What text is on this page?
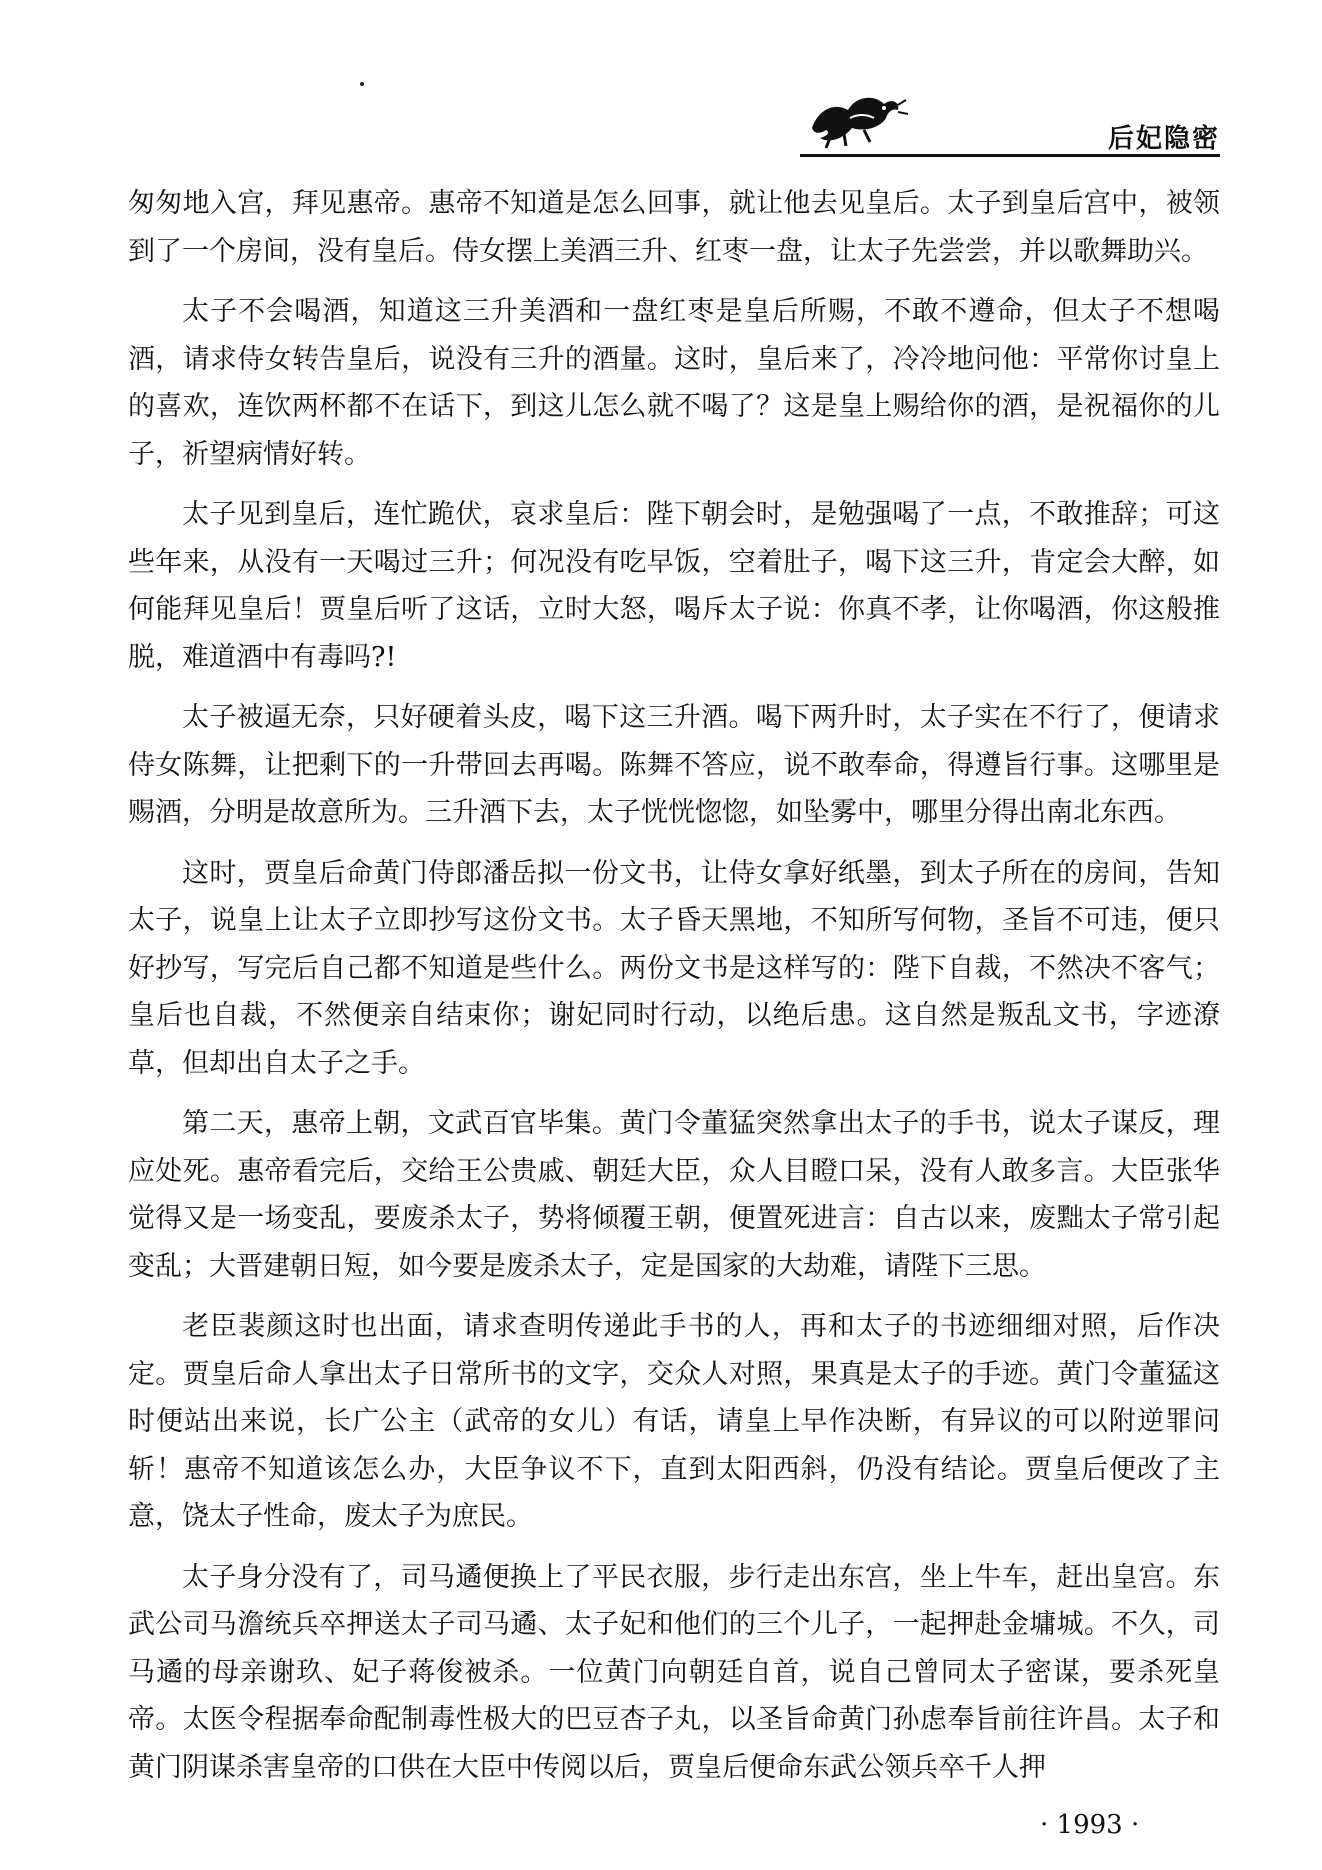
后妃隐密

匆匆地入宫，拜见惠帝。惠帝不知道是怎么回事，就让他去见皇后。太子到皇后宫中，被领到了一个房间，没有皇后。侍女摆上美酒三升、红枣一盘，让太子先尝尝，并以歌舞助兴。

太子不会喝酒，知道这三升美酒和一盘红枣是皇后所赐，不敢不遵命，但太子不想喝酒，请求侍女转告皇后，说没有三升的酒量。这时，皇后来了，冷冷地问他：平常你讨皇上的喜欢，连饮两杯都不在话下，到这儿怎么就不喝了？这是皇上赐给你的酒，是祝福你的儿子，祈望病情好转。

太子见到皇后，连忙跪伏，哀求皇后：陛下朝会时，是勉强喝了一点，不敢推辞；可这些年来，从没有一天喝过三升；何况没有吃早饭，空着肚子，喝下这三升，肯定会大醉，如何能拜见皇后！贾皇后听了这话，立时大怒，喝斥太子说：你真不孝，让你喝酒，你这般推脱，难道酒中有毒吗?!

太子被逼无奈，只好硬着头皮，喝下这三升酒。喝下两升时，太子实在不行了，便请求侍女陈舞，让把剩下的一升带回去再喝。陈舞不答应，说不敢奉命，得遵旨行事。这哪里是赐酒，分明是故意所为。三升酒下去，太子恍恍惚惚，如坠雾中，哪里分得出南北东西。

这时，贾皇后命黄门侍郎潘岳拟一份文书，让侍女拿好纸墨，到太子所在的房间，告知太子，说皇上让太子立即抄写这份文书。太子昏天黑地，不知所写何物，圣旨不可违，便只好抄写，写完后自己都不知道是些什么。两份文书是这样写的：陛下自裁，不然决不客气；皇后也自裁，不然便亲自结束你；谢妃同时行动，以绝后患。这自然是叛乱文书，字迹潦草，但却出自太子之手。

第二天，惠帝上朝，文武百官毕集。黄门令董猛突然拿出太子的手书，说太子谋反，理应处死。惠帝看完后，交给王公贵戚、朝廷大臣，众人目瞪口呆，没有人敢多言。大臣张华觉得又是一场变乱，要废杀太子，势将倾覆王朝，便置死进言：自古以来，废黜太子常引起变乱；大晋建朝日短，如今要是废杀太子，定是国家的大劫难，请陛下三思。

老臣裴颜这时也出面，请求查明传递此手书的人，再和太子的书迹细细对照，后作决定。贾皇后命人拿出太子日常所书的文字，交众人对照，果真是太子的手迹。黄门令董猛这时便站出来说，长广公主（武帝的女儿）有话，请皇上早作决断，有异议的可以附逆罪问斩！惠帝不知道该怎么办，大臣争议不下，直到太阳西斜，仍没有结论。贾皇后便改了主意，饶太子性命，废太子为庶民。

太子身分没有了，司马遹便换上了平民衣服，步行走出东宫，坐上牛车，赶出皇宫。东武公司马澹统兵卒押送太子司马遹、太子妃和他们的三个儿子，一起押赴金墉城。不久，司马遹的母亲谢玖、妃子蒋俊被杀。一位黄门向朝廷自首，说自己曾同太子密谋，要杀死皇帝。太医令程据奉命配制毒性极大的巴豆杏子丸，以圣旨命黄门孙虑奉旨前往许昌。太子和黄门阴谋杀害皇帝的口供在大臣中传阅以后，贾皇后便命东武公领兵卒千人押

· 1993 ·
